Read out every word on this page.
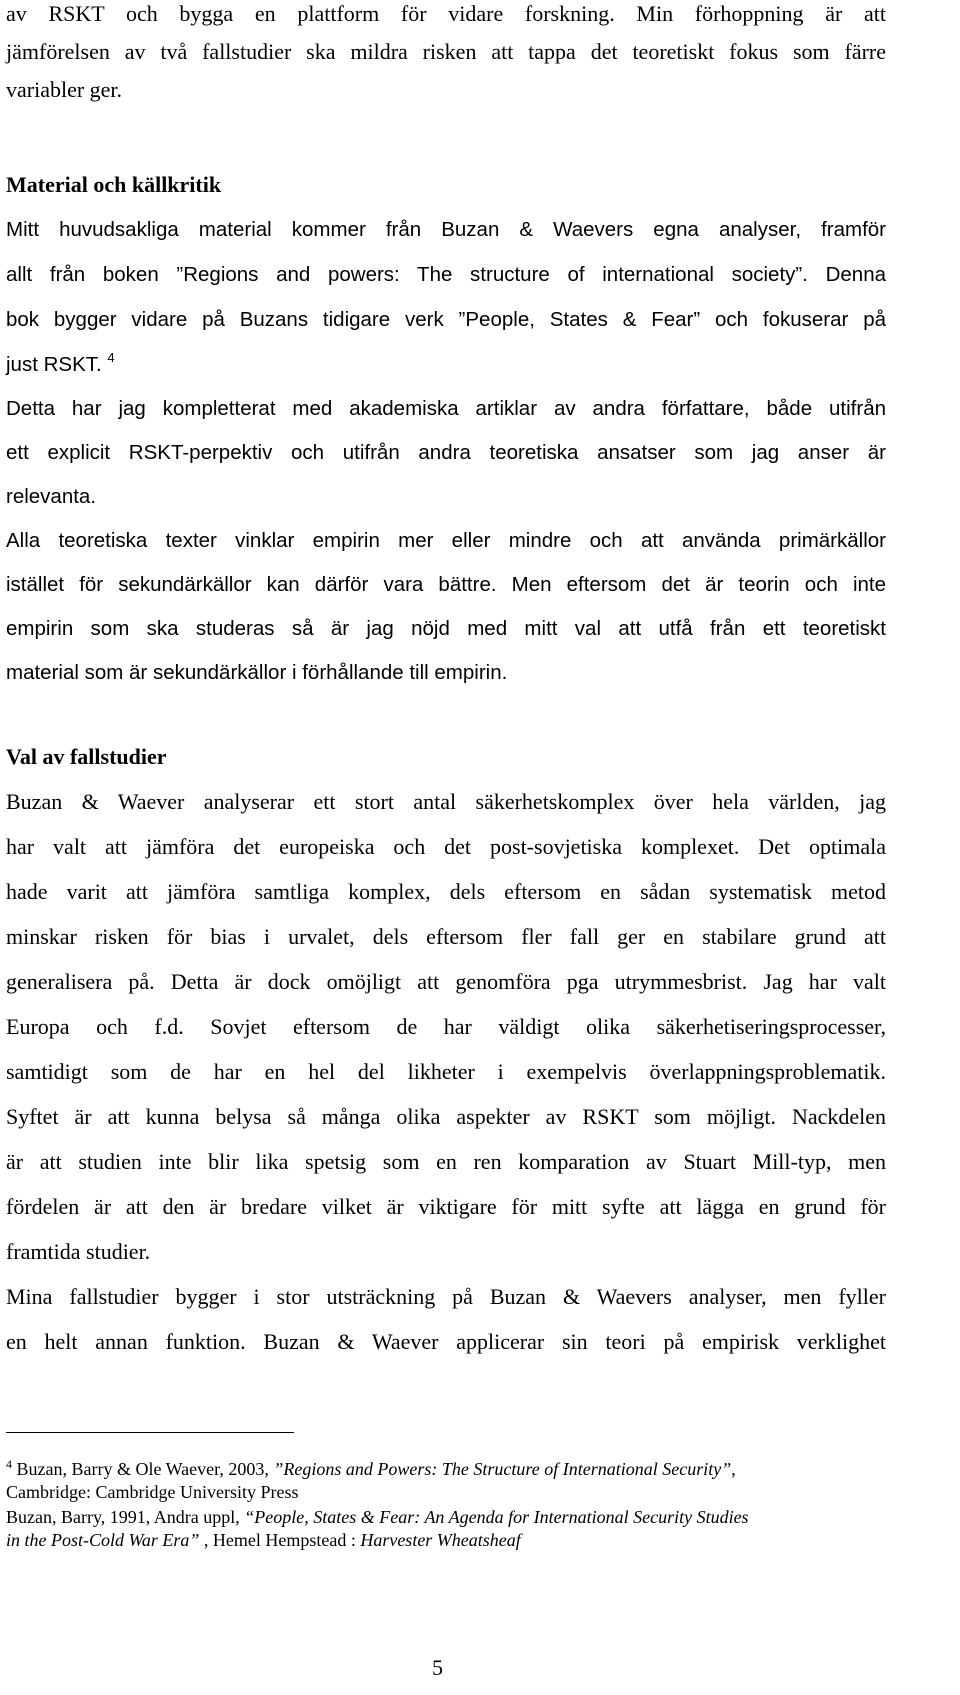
av RSKT och bygga en plattform för vidare forskning. Min förhoppning är att
jämförelsen av två fallstudier ska mildra risken att tappa det teoretiskt fokus som färre
variabler ger.
Material och källkritik
Mitt huvudsakliga material kommer från Buzan & Waevers egna analyser, framför
allt från boken ”Regions and powers: The structure of international society”. Denna
bok bygger vidare på Buzans tidigare verk ”People, States & Fear” och fokuserar på
just RSKT. $^4$
Detta har jag kompletterat med akademiska artiklar av andra författare, både utifrån
ett explicit RSKT-perpektiv och utifrån andra teoretiska ansatser som jag anser är
relevanta.
Alla teoretiska texter vinklar empirin mer eller mindre och att använda primärkällor
istället för sekundärkällor kan därför vara bättre. Men eftersom det är teorin och inte
empirin som ska studeras så är jag nöjd med mitt val att utfå från ett teoretiskt
material som är sekundärkällor i förhållande till empirin.
Val av fallstudier
Buzan & Waever analyserar ett stort antal säkerhetskomplex över hela världen, jag
har valt att jämföra det europeiska och det post-sovjetiska komplexet. Det optimala
hade varit att jämföra samtliga komplex, dels eftersom en sådan systematisk metod
minskar risken för bias i urvalet, dels eftersom fler fall ger en stabilare grund att
generalisera på. Detta är dock omöjligt att genomföra pga utrymmesbrist. Jag har valt
Europa och f.d. Sovjet eftersom de har väldigt olika säkerhetiseringsprocesser,
samtidigt som de har en hel del likheter i exempelvis överlappningsproblematik.
Syftet är att kunna belysa så många olika aspekter av RSKT som möjligt. Nackdelen
är att studien inte blir lika spetsig som en ren komparation av Stuart Mill-typ, men
fördelen är att den är bredare vilket är viktigare för mitt syfte att lägga en grund för
framtida studier.
Mina fallstudier bygger i stor utsträckning på Buzan & Waevers analyser, men fyller
en helt annan funktion. Buzan & Waever applicerar sin teori på empirisk verklighet
$^4$ Buzan, Barry & Ole Waever, 2003, ”Regions and Powers: The Structure of International Security”,
Cambridge: Cambridge University Press
Buzan, Barry, 1991, Andra uppl, “People, States & Fear: An Agenda for International Security Studies
in the Post-Cold War Era” , Hemel Hempstead : Harvester Wheatsheaf
5
